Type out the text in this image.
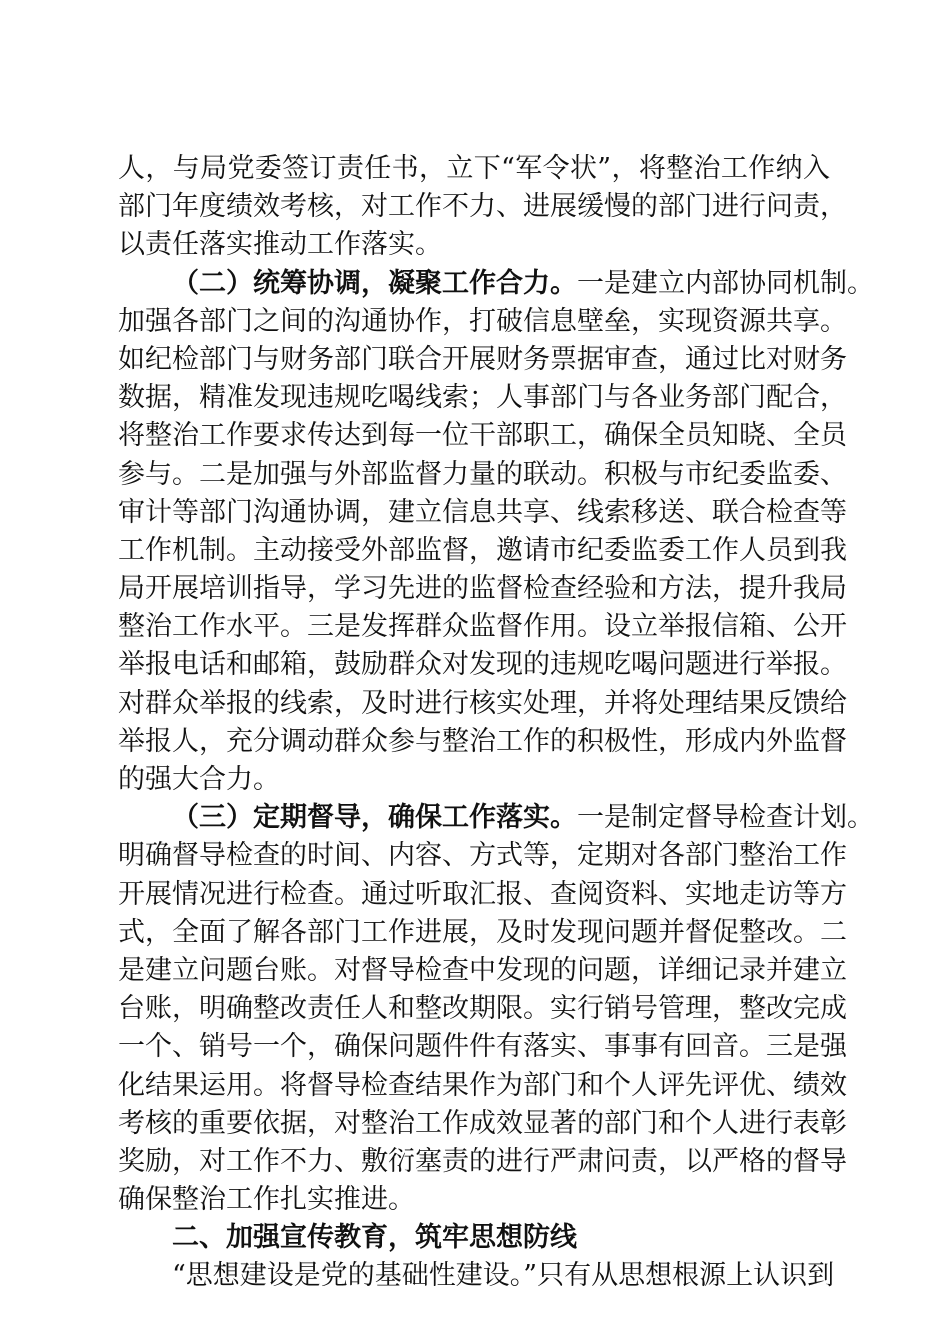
人，与局党委签订责任书，立下“军令状”，将整治工作纳入
部门年度绩效考核，对工作不力、进展缓慢的部门进行问责，
以责任落实推动工作落实。
（二）统筹协调，凝聚工作合力。一是建立内部协同机制。
加强各部门之间的沟通协作，打破信息壁垒，实现资源共享。
如纪检部门与财务部门联合开展财务票据审查，通过比对财务
数据，精准发现违规吃喝线索；人事部门与各业务部门配合，
将整治工作要求传达到每一位干部职工，确保全员知晓、全员
参与。二是加强与外部监督力量的联动。积极与市纪委监委、
审计等部门沟通协调，建立信息共享、线索移送、联合检查等
工作机制。主动接受外部监督，邀请市纪委监委工作人员到我
局开展培训指导，学习先进的监督检查经验和方法，提升我局
整治工作水平。三是发挥群众监督作用。设立举报信箱、公开
举报电话和邮箱，鼓励群众对发现的违规吃喝问题进行举报。
对群众举报的线索，及时进行核实处理，并将处理结果反馈给
举报人，充分调动群众参与整治工作的积极性，形成内外监督
的强大合力。
（三）定期督导，确保工作落实。一是制定督导检查计划。
明确督导检查的时间、内容、方式等，定期对各部门整治工作
开展情况进行检查。通过听取汇报、查阅资料、实地走访等方
式，全面了解各部门工作进展，及时发现问题并督促整改。二
是建立问题台账。对督导检查中发现的问题，详细记录并建立
台账，明确整改责任人和整改期限。实行销号管理，整改完成
一个、销号一个，确保问题件件有落实、事事有回音。三是强
化结果运用。将督导检查结果作为部门和个人评先评优、绩效
考核的重要依据，对整治工作成效显著的部门和个人进行表彰
奖励，对工作不力、敷衍塞责的进行严肃问责，以严格的督导
确保整治工作扎实推进。
二、加强宣传教育，筑牢思想防线
“思想建设是党的基础性建设。”只有从思想根源上认识到
